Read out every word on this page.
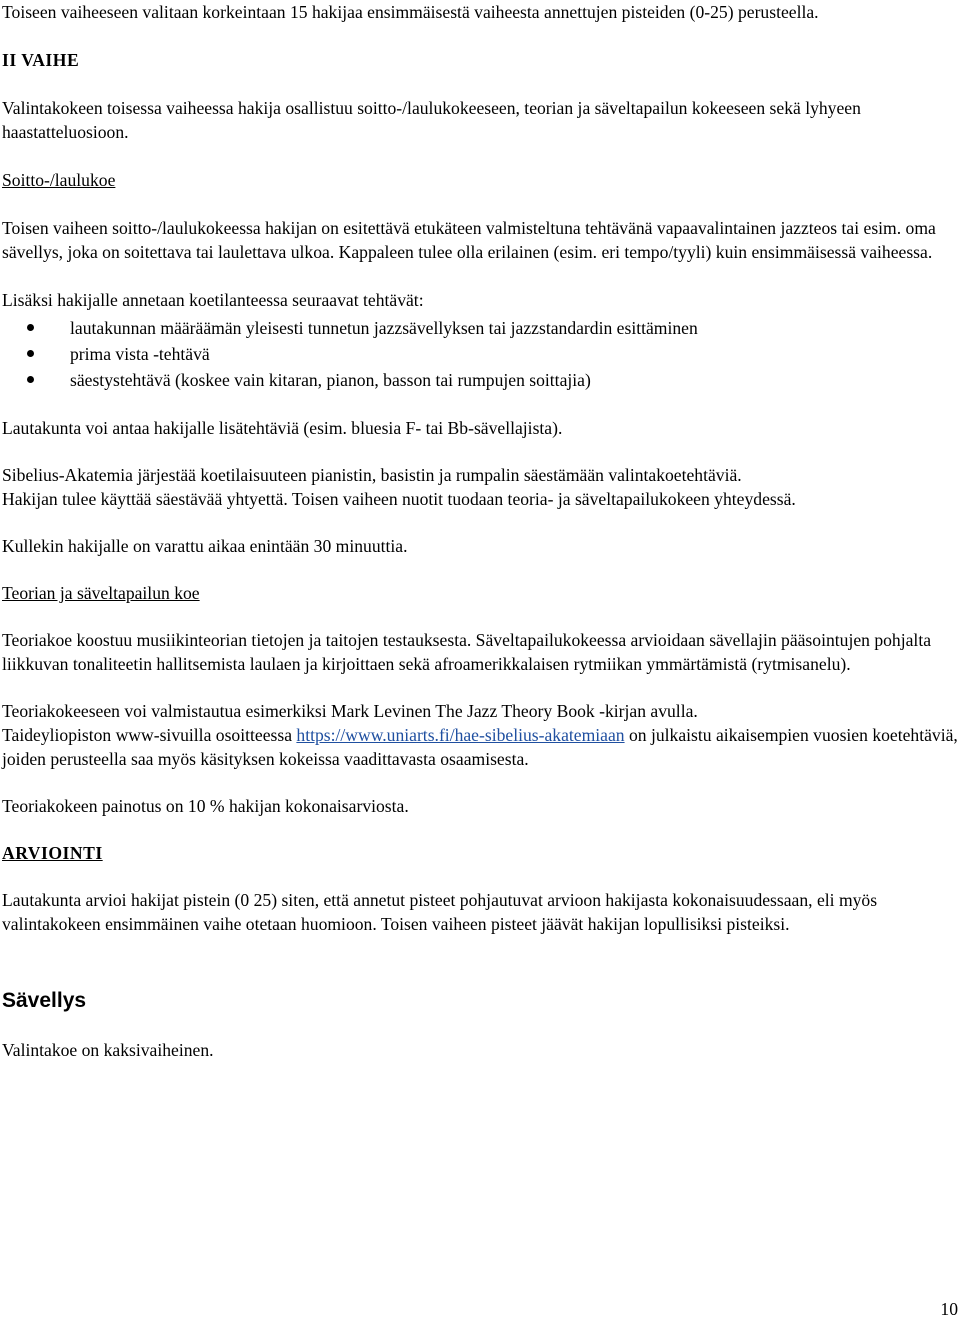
Toiseen vaiheeseen valitaan korkeintaan 15 hakijaa ensimmäisestä vaiheesta annettujen pisteiden (0-25) perusteella.

II VAIHE

Valintakokeen toisessa vaiheessa hakija osallistuu soitto-/laulukokeeseen, teorian ja säveltapailun kokeeseen sekä lyhyeen haastatteluosioon.

Soitto-/laulukoe

Toisen vaiheen soitto-/laulukokeessa hakijan on esitettävä etukäteen valmisteltuna tehtävänä vapaavalintainen jazzteos tai esim. oma sävellys, joka on soitettava tai laulettava ulkoa. Kappaleen tulee olla erilainen (esim. eri tempo/tyyli) kuin ensimmäisessä vaiheessa.

Lisäksi hakijalle annetaan koetilanteessa seuraavat tehtävät:

lautakunnan määräämän yleisesti tunnetun jazzsävellyksen tai jazzstandardin esittäminen
prima vista -tehtävä
säestystehtävä (koskee vain kitaran, pianon, basson tai rumpujen soittajia)

Lautakunta voi antaa hakijalle lisätehtäviä (esim. bluesia F- tai Bb-sävellajista).

Sibelius-Akatemia järjestää koetilaisuuteen pianistin, basistin ja rumpalin säestämään valintakoetehtäviä.

Hakijan tulee käyttää säestävää yhtyettä. Toisen vaiheen nuotit tuodaan teoria- ja säveltapailukokeen yhteydessä.

Kullekin hakijalle on varattu aikaa enintään 30 minuuttia.

Teorian ja säveltapailun koe

Teoriakoe koostuu musiikinteorian tietojen ja taitojen testauksesta. Säveltapailukokeessa arvioidaan sävellajin pääsointujen pohjalta liikkuvan tonaliteetin hallitsemista laulaen ja kirjoittaen sekä afroamerikkalaisen rytmiikan ymmärtämistä (rytmisanelu).

Teoriakokeeseen voi valmistautua esimerkiksi Mark Levinen The Jazz Theory Book -kirjan avulla.

Taideyliopiston www-sivuilla osoitteessa https://www.uniarts.fi/hae-sibelius-akatemiaan on julkaistu aikaisempien vuosien koetehtäviä, joiden perusteella saa myös käsityksen kokeissa vaadittavasta osaamisesta.

Teoriakokeen painotus on 10 % hakijan kokonaisarviosta.

ARVIOINTI

Lautakunta arvioi hakijat pistein (0 25) siten, että annetut pisteet pohjautuvat arvioon hakijasta kokonaisuudessaan, eli myös valintakokeen ensimmäinen vaihe otetaan huomioon. Toisen vaiheen pisteet jäävät hakijan lopullisiksi pisteiksi.

Sävellys

Valintakoe on kaksivaiheinen.

10
